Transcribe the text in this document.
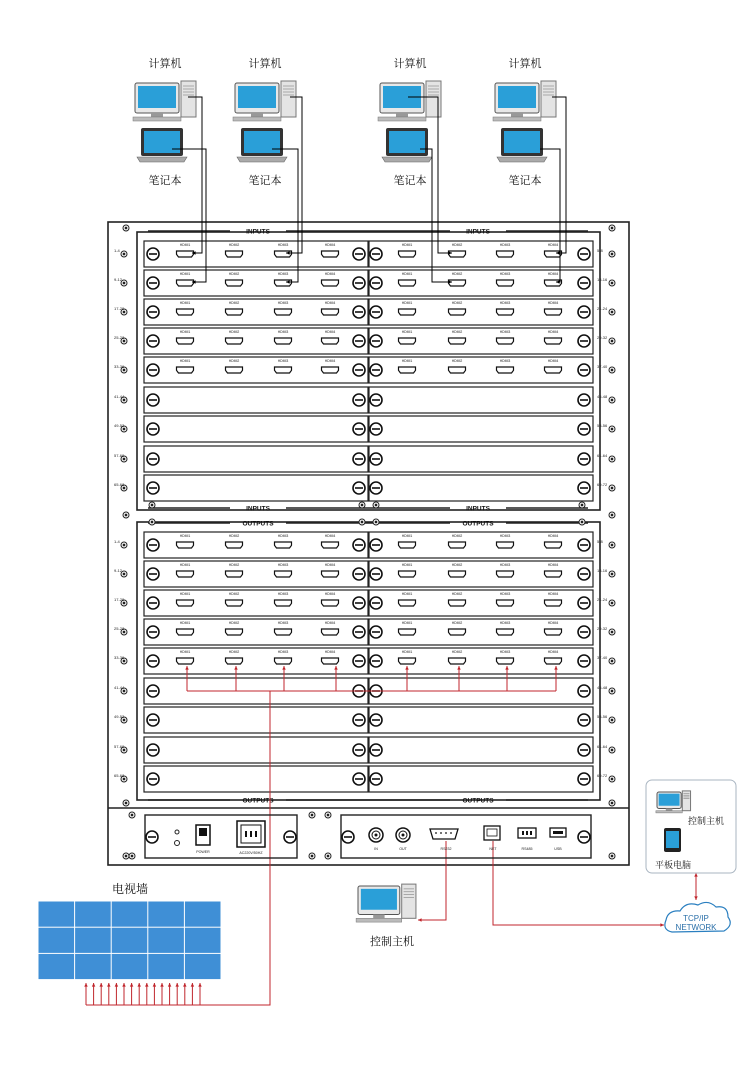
INPUTS	INPUTS
INPUTS	INPUTS
OUTPUTS	OUTPUTS
OUTPUTS	OUTPUTS
1-4	5-8
HDMI1	HDMI2	HDMI3	HDMI4	HDMI1	HDMI2	HDMI3	HDMI4
9-12	13-16
HDMI1	HDMI2	HDMI3	HDMI4	HDMI1	HDMI2	HDMI3	HDMI4
17-20	21-24
HDMI1	HDMI2	HDMI3	HDMI4	HDMI1	HDMI2	HDMI3	HDMI4
25-28	29-32
HDMI1	HDMI2	HDMI3	HDMI4	HDMI1	HDMI2	HDMI3	HDMI4
33-36	37-40
HDMI1	HDMI2	HDMI3	HDMI4	HDMI1	HDMI2	HDMI3	HDMI4
41-44	45-48
49-52	53-56
57-60	61-64
65-68	69-72
1-4	5-8
HDMI1	HDMI2	HDMI3	HDMI4	HDMI1	HDMI2	HDMI3	HDMI4
9-12	13-16
HDMI1	HDMI2	HDMI3	HDMI4	HDMI1	HDMI2	HDMI3	HDMI4
17-20	21-24
HDMI1	HDMI2	HDMI3	HDMI4	HDMI1	HDMI2	HDMI3	HDMI4
25-28	29-32
HDMI1	HDMI2	HDMI3	HDMI4	HDMI1	HDMI2	HDMI3	HDMI4
33-36	37-40
HDMI1	HDMI2	HDMI3	HDMI4	HDMI1	HDMI2	HDMI3	HDMI4
41-44	45-48
49-52	53-56
57-60	61-64
65-68	69-72
POWER	AC220V/50HZ
IN	OUT	RS232	NET	RS485	USB
TCP/IP
NETWORK
计算机
笔记本
计算机
笔记本
计算机
笔记本
计算机
笔记本
电视墙
控制主机
控制主机
平板电脑
